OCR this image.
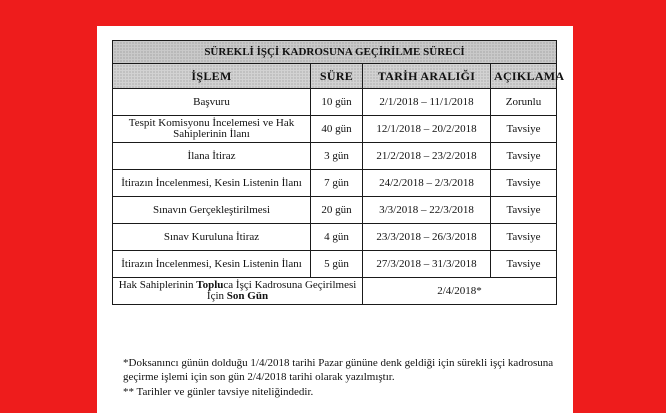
SÜREKLİ İŞÇİ KADROSUNA GEÇİRİLME SÜRECİ			
İŞLEM	SÜRE	TARİH ARALIĞI	AÇIKLAMA
Başvuru	10 gün	2/1/2018 – 11/1/2018	Zorunlu
Tespit Komisyonu İncelemesi ve Hak Sahiplerinin İlanı	40 gün	12/1/2018 – 20/2/2018	Tavsiye
İlana İtiraz	3 gün	21/2/2018 – 23/2/2018	Tavsiye
İtirazın İncelenmesi, Kesin Listenin İlanı	7 gün	24/2/2018 – 2/3/2018	Tavsiye
Sınavın Gerçekleştirilmesi	20 gün	3/3/2018 – 22/3/2018	Tavsiye
Sınav Kuruluna İtiraz	4 gün	23/3/2018 – 26/3/2018	Tavsiye
İtirazın İncelenmesi, Kesin Listenin İlanı	5 gün	27/3/2018 – 31/3/2018	Tavsiye
Hak Sahiplerinin Topluca İşçi Kadrosuna Geçirilmesi İçin Son Gün		2/4/2018*	

*Doksanıncı günün dolduğu 1/4/2018 tarihi Pazar gününe denk geldiği için sürekli işçi kadrosuna geçirme işlemi için son gün 2/4/2018 tarihi olarak yazılmıştır.

** Tarihler ve günler tavsiye niteliğindedir.
